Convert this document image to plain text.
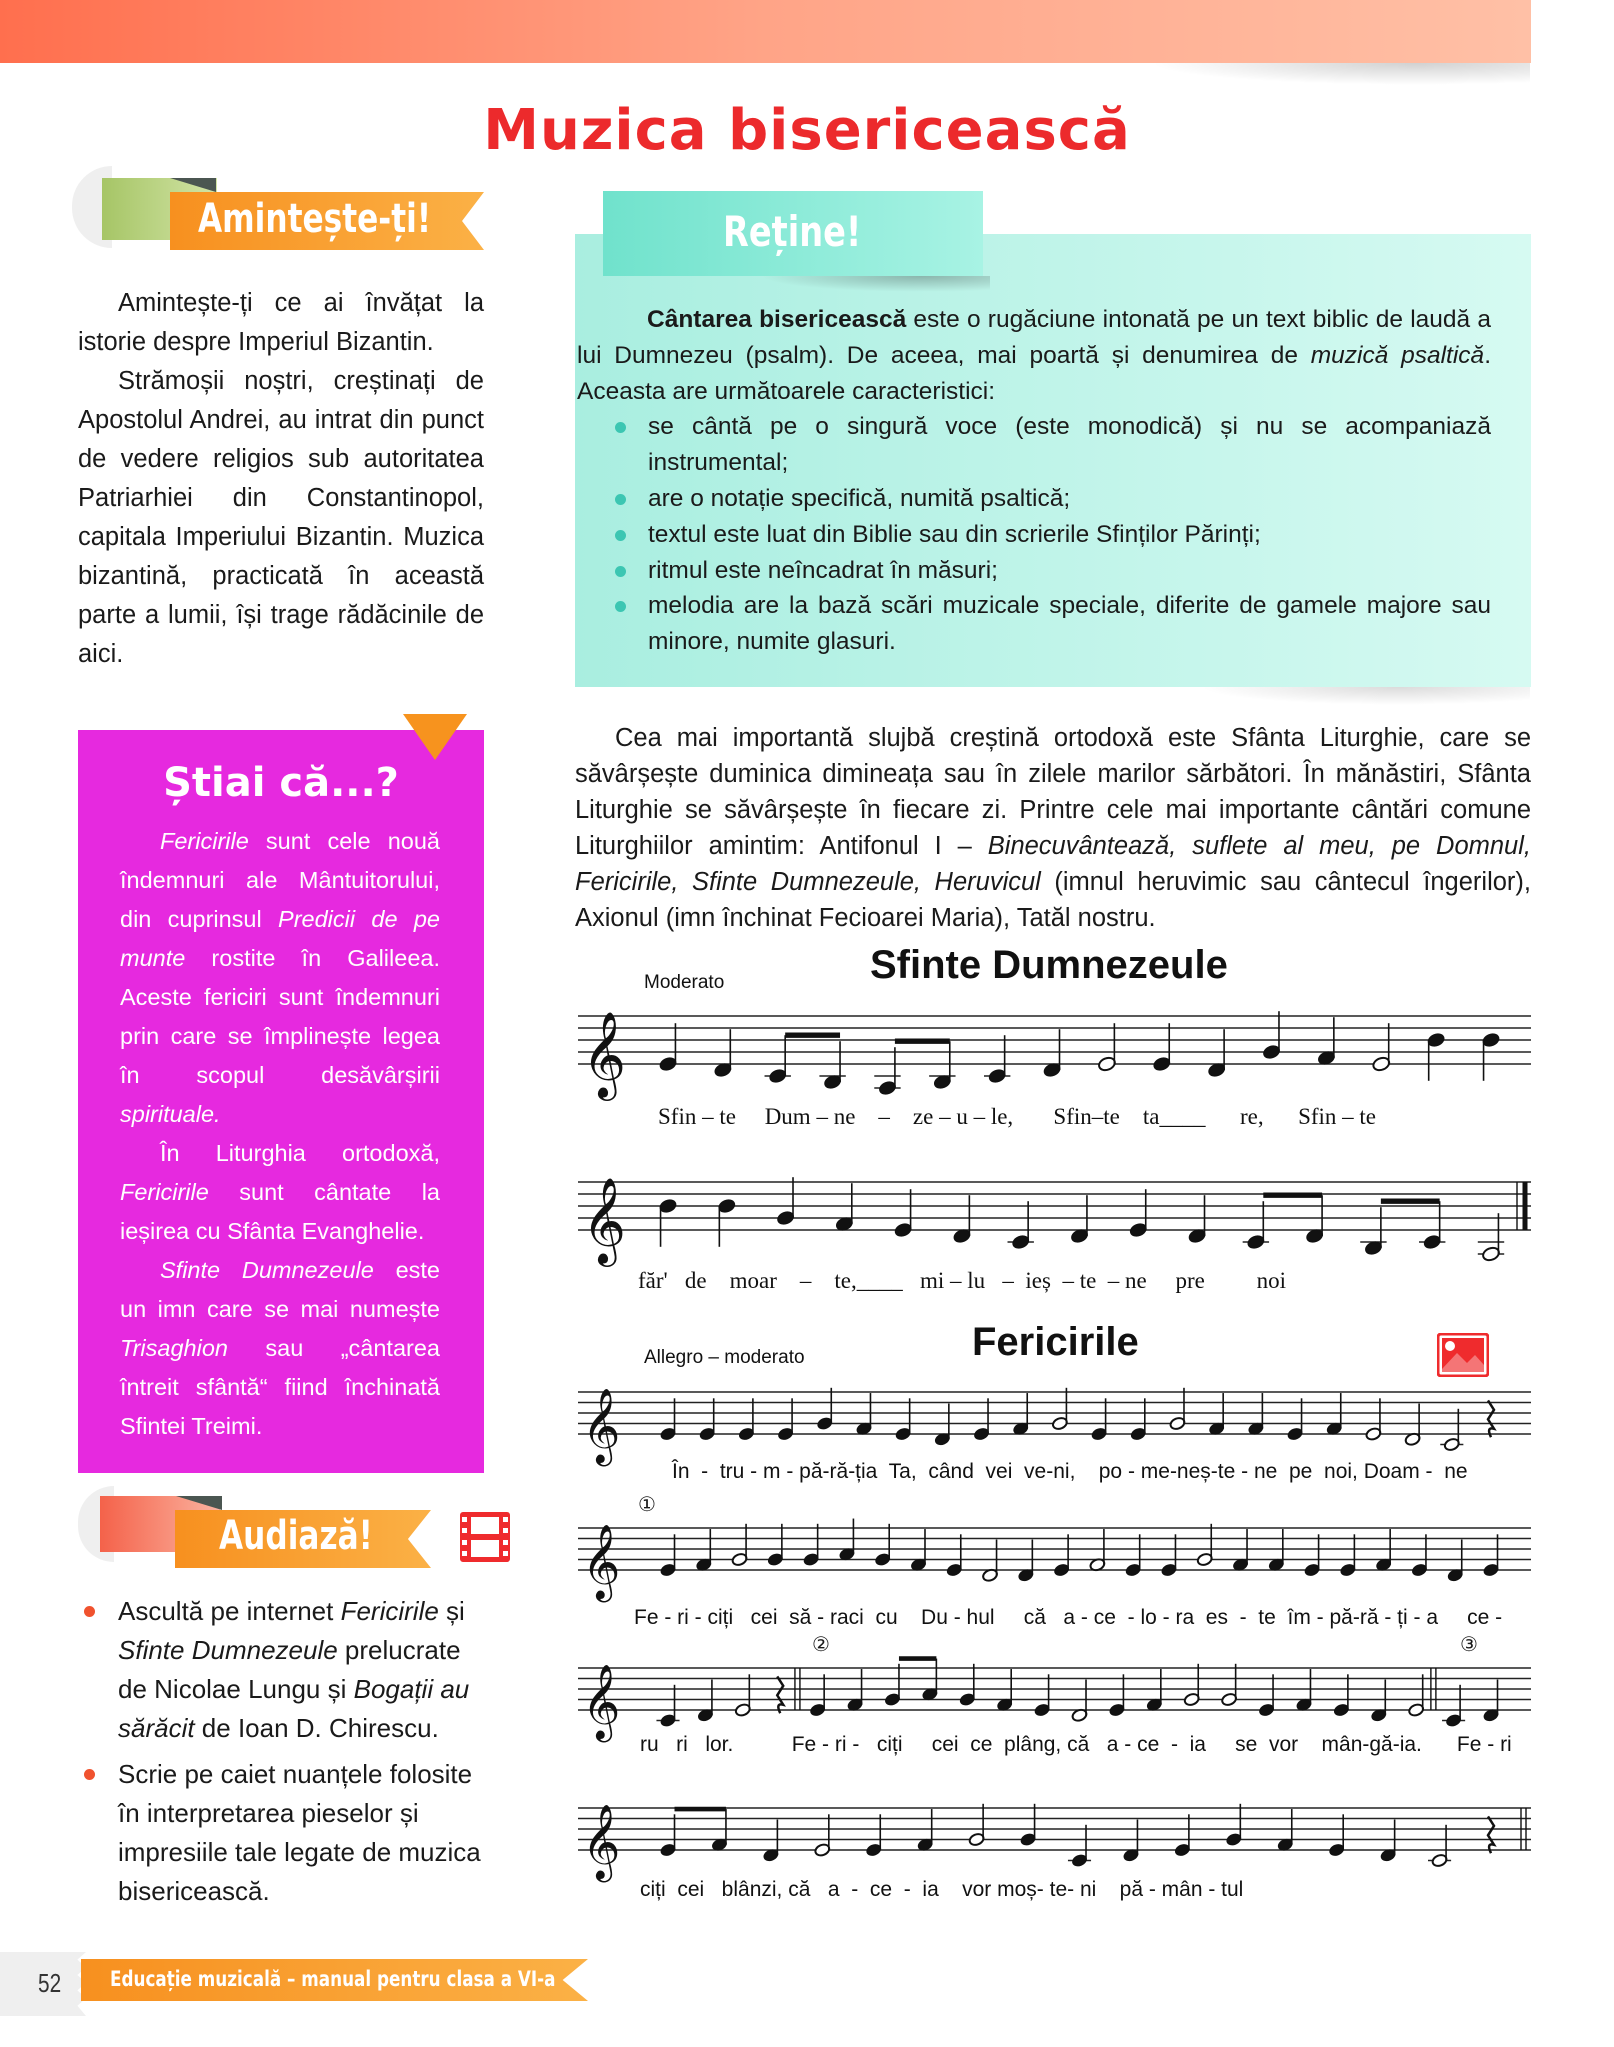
Muzica bisericească
Amintește-ți!

Amintește-ți ce ai învățat la istorie despre Imperiul Bizantin.

Strămoșii noștri, creștinați de Apostolul Andrei, au intrat din punct de vedere religios sub autoritatea Patriarhiei din Constantinopol, capitala Imperiului Bizantin. Muzica bizantină, practicată în această parte a lumii, își trage rădăcinile de aici.

Reține!

Cântarea bisericească este o rugăciune intonată pe un text biblic de laudă a lui Dumnezeu (psalm). De aceea, mai poartă și denumirea de muzică psaltică. Aceasta are următoarele caracteristici:

se cântă pe o singură voce (este monodică) și nu se acompaniază instrumental;
are o notație specifică, numită psaltică;
textul este luat din Biblie sau din scrierile Sfinților Părinți;
ritmul este neîncadrat în măsuri;
melodia are la bază scări muzicale speciale, diferite de gamele majore sau minore, numite glasuri.

Cea mai importantă slujbă creștină ortodoxă este Sfânta Liturghie, care se săvârșește duminica dimineața sau în zilele marilor sărbători. În mănăstiri, Sfânta Liturghie se săvârșește în fiecare zi. Printre cele mai importante cântări comune Liturghiilor amintim: Antifonul I – Binecuvântează, suflete al meu, pe Domnul, Fericirile, Sfinte Dumnezeule, Heruvicul (imnul heruvimic sau cântecul îngerilor), Axionul (imn închinat Fecioarei Maria), Tatăl nostru.

Știai că...?

Fericirile sunt cele nouă îndemnuri ale Mântuitorului, din cuprinsul Predicii de pe munte rostite în Galileea. Aceste fericiri sunt îndemnuri prin care se împlinește legea în scopul desăvârșirii spirituale.

În Liturghia ortodoxă, Fericirile sunt cântate la ieșirea cu Sfânta Evanghelie.

Sfinte Dumnezeule este un imn care se mai numește Trisaghion sau „cântarea întreit sfântă“ fiind închinată Sfintei Treimi.

Audiază!
Ascultă pe internet Fericirile și Sfinte Dumnezeule prelucrate de Nicolae Lungu și Bogații au sărăcit de Ioan D. Chirescu.
Scrie pe caiet nuanțele folosite în interpretarea pieselor și impresiile tale legate de muzica bisericească.
Sfinte Dumnezeule
Moderato
Fericirile
Allegro – moderato
𝄞
𝄞
𝄞
𝄞
𝄞
𝄞
Sfin – te     Dum – ne    –    ze – u – le,       Sfin–te    ta____      re,      Sfin – te
făr'   de    moar    –    te,____   mi – lu   –  ieș  – te  – ne     pre         noi
În  -  tru - m - pă-ră-ția  Ta,  când  vei  ve-ni,    po - me-neș-te - ne  pe  noi, Doam -  ne
Fe - ri - ciți   cei  să - raci  cu    Du - hul     că   a - ce  - lo - ra  es  -  te  îm - pă-ră - ți - a     ce -
ru   ri   lor.          Fe - ri -   ciți     cei  ce  plâng, că   a - ce  -  ia     se  vor    mân-gă-ia.      Fe - ri
ciți  cei   blânzi, că   a  -  ce  -  ia    vor moș- te- ni    pă - mân - tul
①
②	③
52 Educație muzicală – manual pentru clasa a VI-a
